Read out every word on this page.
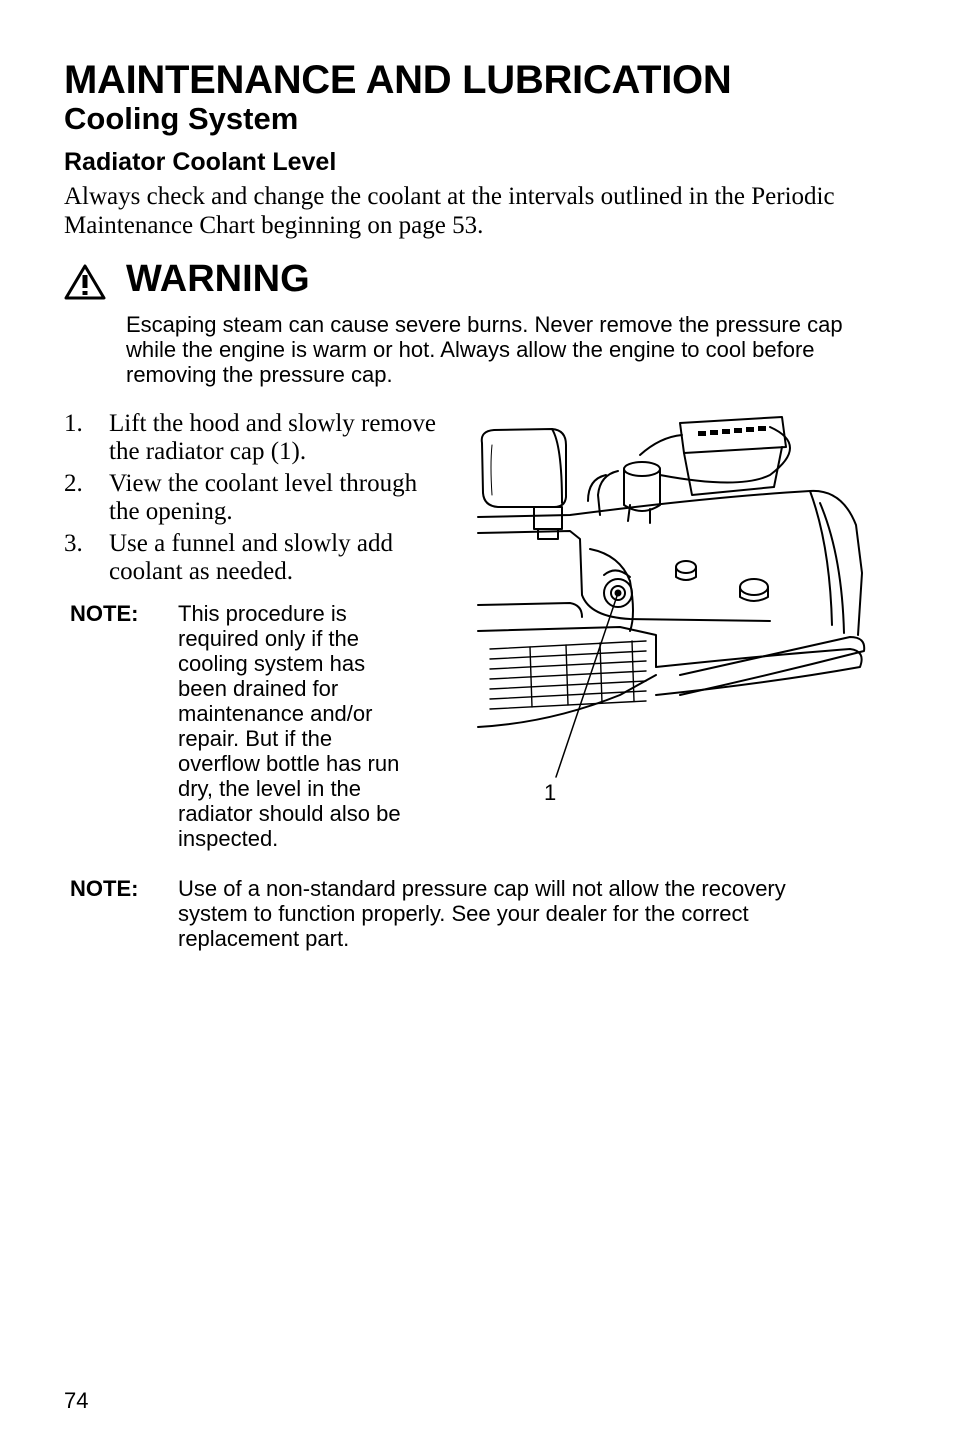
MAINTENANCE AND LUBRICATION
Cooling System
Radiator Coolant Level
Always check and change the coolant at the intervals outlined in the Periodic Maintenance Chart beginning on page 53.
WARNING
Escaping steam can cause severe burns. Never remove the pressure cap while the engine is warm or hot. Always allow the engine to cool before removing the pressure cap.
1. Lift the hood and slowly remove the radiator cap (1).
2. View the coolant level through the opening.
3. Use a funnel and slowly add coolant as needed.
NOTE: This procedure is required only if the cooling system has been drained for maintenance and/or repair. But if the overflow bottle has run dry, the level in the radiator should also be inspected.
1
NOTE: Use of a non-standard pressure cap will not allow the recovery system to function properly. See your dealer for the correct replacement part.
74
